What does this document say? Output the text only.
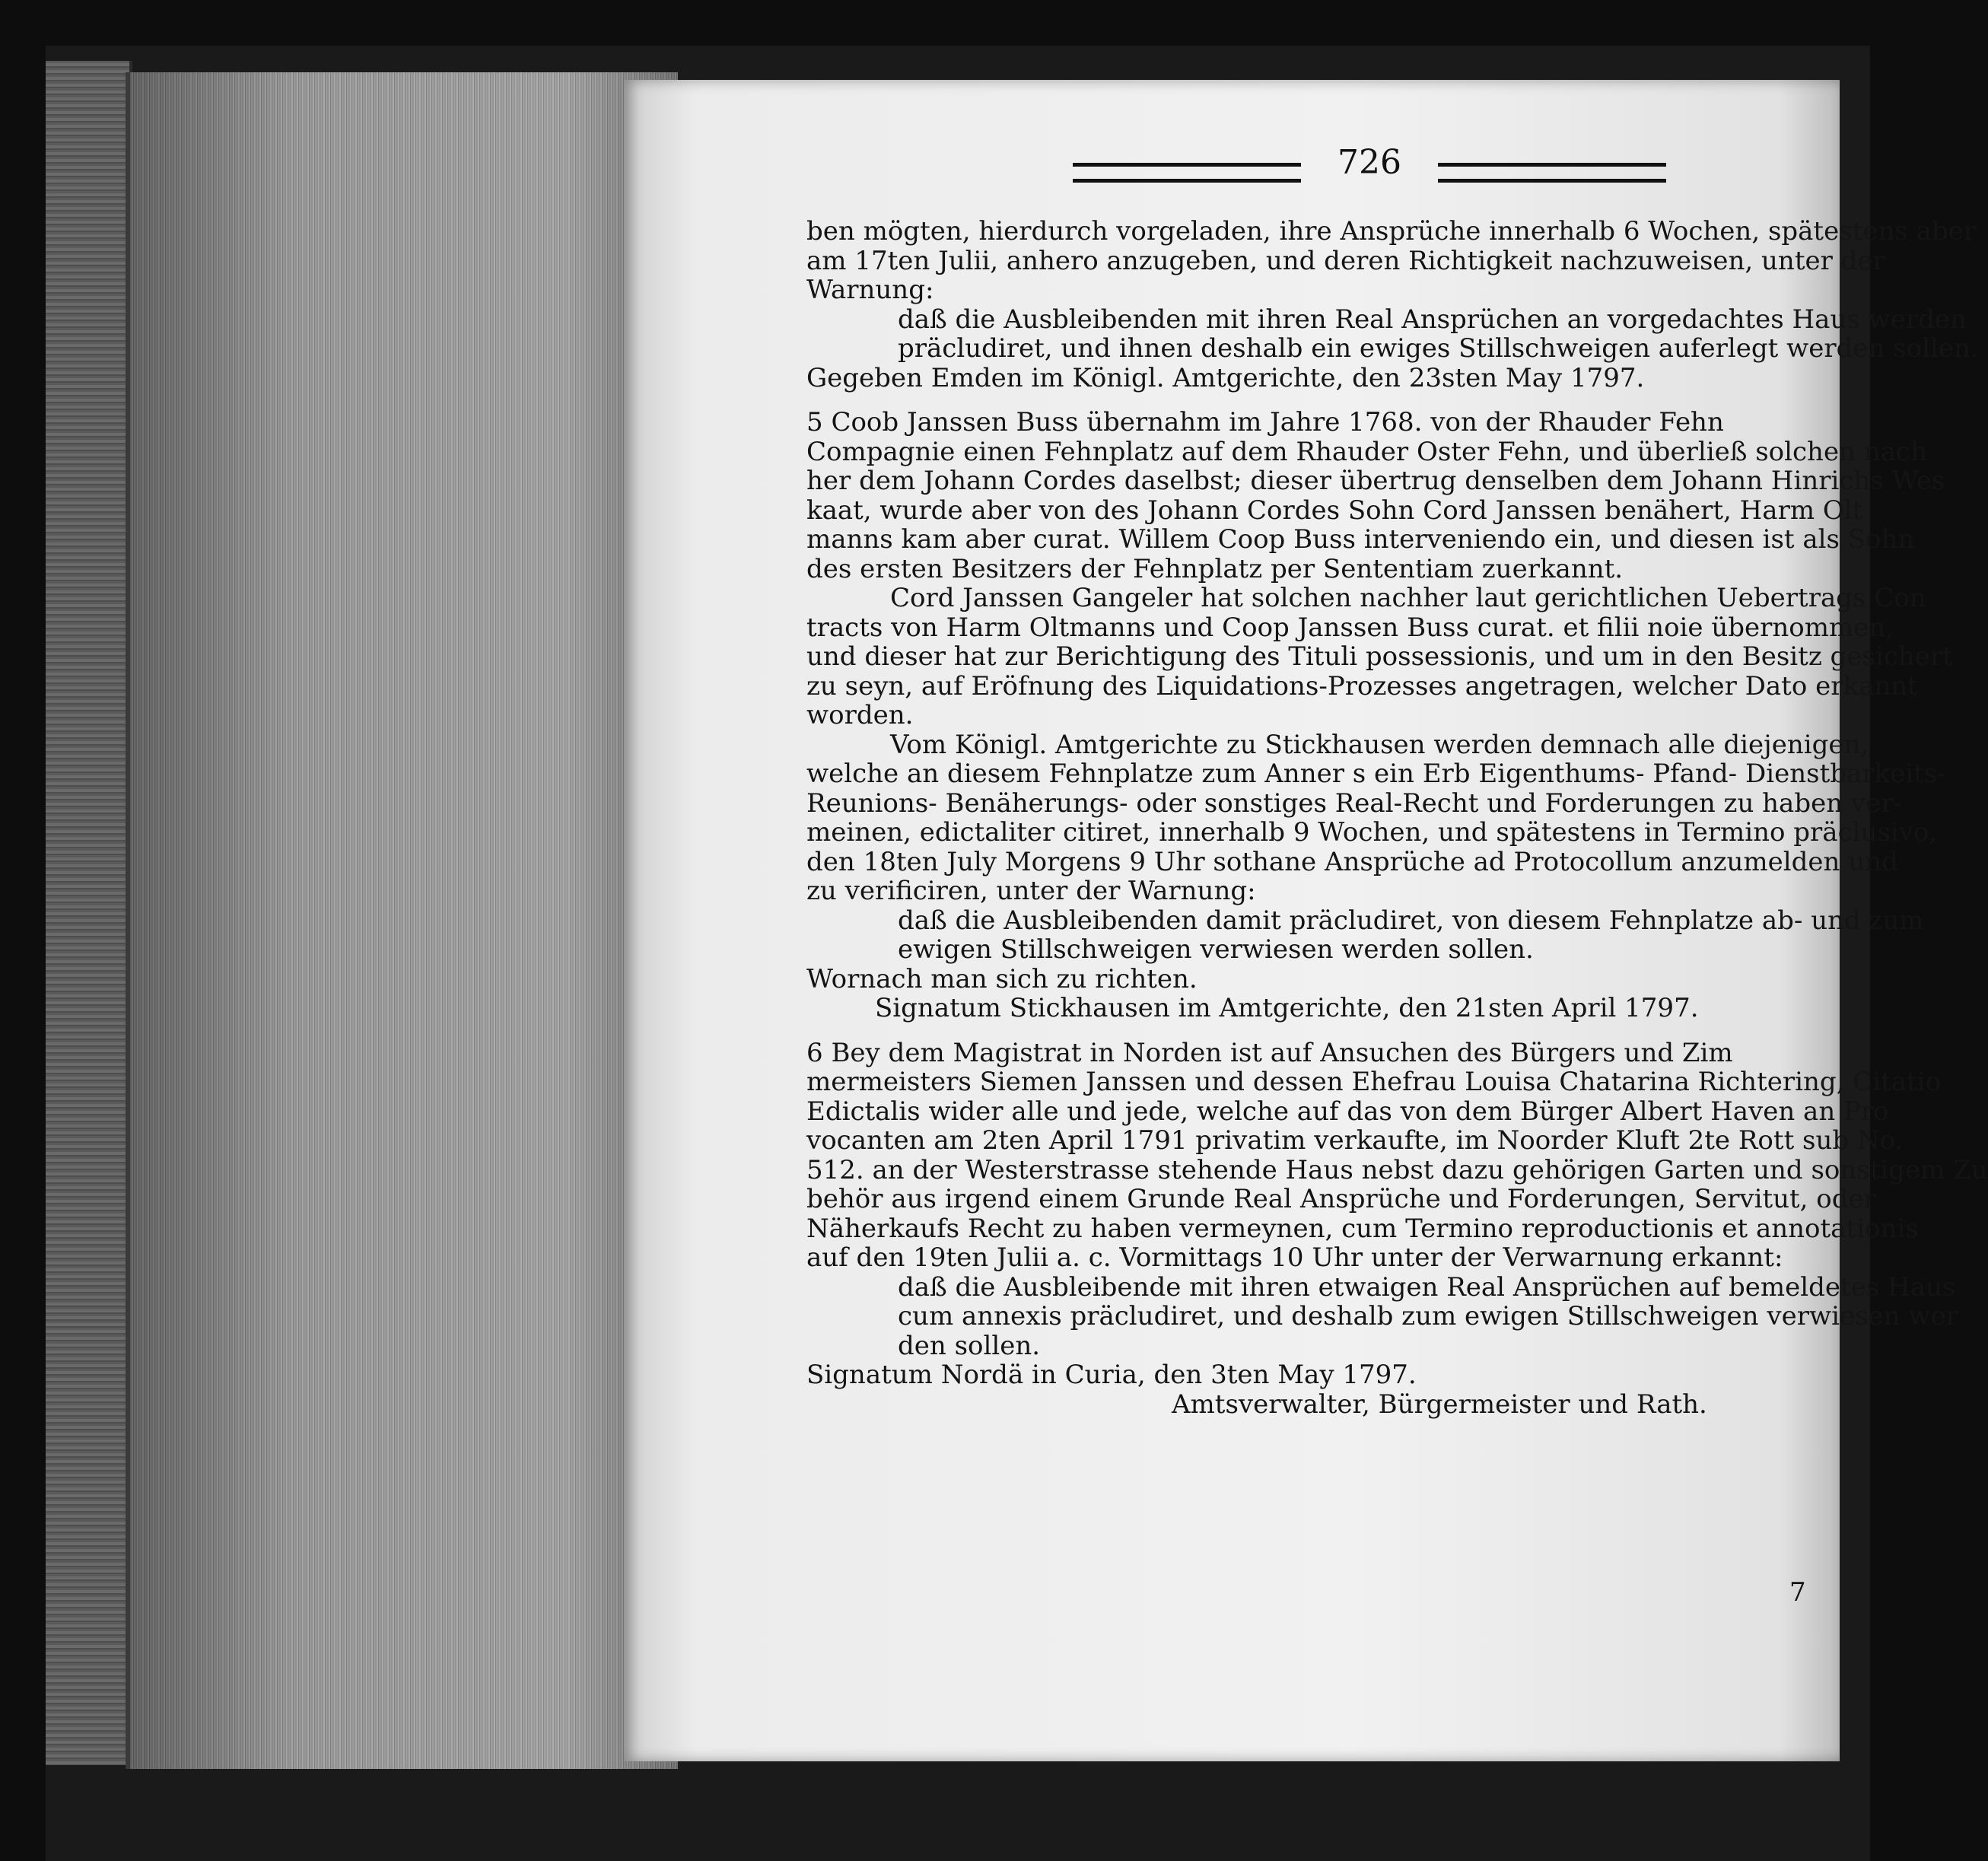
726
ben mögten, hierdurch vorgeladen, ihre Ansprüche innerhalb 6 Wochen, spätestens aber
am 17ten Julii, anhero anzugeben, und deren Richtigkeit nachzuweisen, unter der
Warnung:
daß die Ausbleibenden mit ihren Real Ansprüchen an vorgedachtes Haus werden
präcludiret, und ihnen deshalb ein ewiges Stillschweigen auferlegt werden sollen.
Gegeben Emden im Königl. Amtgerichte, den 23sten May 1797.
5 Coob Janssen Buss übernahm im Jahre 1768. von der Rhauder Fehn
Compagnie einen Fehnplatz auf dem Rhauder Oster Fehn, und überließ solchen nach
her dem Johann Cordes daselbst; dieser übertrug denselben dem Johann Hinrichs Wes
kaat, wurde aber von des Johann Cordes Sohn Cord Janssen benähert, Harm Olt
manns kam aber curat. Willem Coop Buss interveniendo ein, und diesen ist als Sohn
des ersten Besitzers der Fehnplatz per Sententiam zuerkannt.
Cord Janssen Gangeler hat solchen nachher laut gerichtlichen Uebertrags Con
tracts von Harm Oltmanns und Coop Janssen Buss curat. et filii noie übernommen,
und dieser hat zur Berichtigung des Tituli possessionis, und um in den Besitz gesichert
zu seyn, auf Eröfnung des Liquidations-Prozesses angetragen, welcher Dato erkannt
worden.
Vom Königl. Amtgerichte zu Stickhausen werden demnach alle diejenigen,
welche an diesem Fehnplatze zum Anner s ein Erb Eigenthums- Pfand- Dienstbarkeits-
Reunions- Benäherungs- oder sonstiges Real-Recht und Forderungen zu haben ver-
meinen, edictaliter citiret, innerhalb 9 Wochen, und spätestens in Termino präclusivo,
den 18ten July Morgens 9 Uhr sothane Ansprüche ad Protocollum anzumelden und
zu verificiren, unter der Warnung:
daß die Ausbleibenden damit präcludiret, von diesem Fehnplatze ab- und zum
ewigen Stillschweigen verwiesen werden sollen.
Wornach man sich zu richten.
Signatum Stickhausen im Amtgerichte, den 21sten April 1797.
6 Bey dem Magistrat in Norden ist auf Ansuchen des Bürgers und Zim
mermeisters Siemen Janssen und dessen Ehefrau Louisa Chatarina Richtering, Citatio
Edictalis wider alle und jede, welche auf das von dem Bürger Albert Haven an Pro
vocanten am 2ten April 1791 privatim verkaufte, im Noorder Kluft 2te Rott sub No.
512. an der Westerstrasse stehende Haus nebst dazu gehörigen Garten und sonstigem Zu
behör aus irgend einem Grunde Real Ansprüche und Forderungen, Servitut, oder
Näherkaufs Recht zu haben vermeynen, cum Termino reproductionis et annotationis
auf den 19ten Julii a. c. Vormittags 10 Uhr unter der Verwarnung erkannt:
daß die Ausbleibende mit ihren etwaigen Real Ansprüchen auf bemeldetes Haus
cum annexis präcludiret, und deshalb zum ewigen Stillschweigen verwiesen wer
den sollen.
Signatum Nordä in Curia, den 3ten May 1797.
Amtsverwalter, Bürgermeister und Rath.
7
